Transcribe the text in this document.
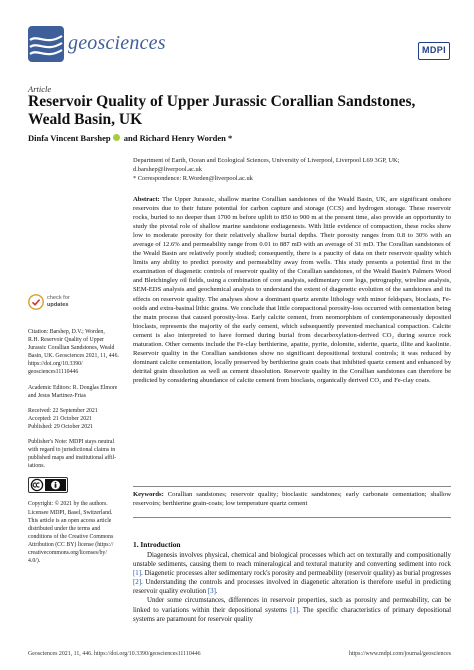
geosciences	MDPI
Article
Reservoir Quality of Upper Jurassic Corallian Sandstones, Weald Basin, UK
Dinfa Vincent Barshep and Richard Henry Worden *
Department of Earth, Ocean and Ecological Sciences, University of Liverpool, Liverpool L69 3GP, UK;
d.barshep@liverpool.ac.uk
* Correspondence: R.Worden@liverpool.ac.uk
Abstract: The Upper Jurassic, shallow marine Corallian sandstones of the Weald Basin, UK, are significant onshore reservoirs due to their future potential for carbon capture and storage (CCS) and hydrogen storage. These reservoir rocks, buried to no deeper than 1700 m before uplift to 850 to 900 m at the present time, also provide an opportunity to study the pivotal role of shallow marine sandstone eodiagenesis. With little evidence of compaction, these rocks show low to moderate porosity for their relatively shallow burial depths. Their porosity ranges from 0.8 to 30% with an average of 12.6% and permeability range from 0.01 to 887 mD with an average of 31 mD. The Corallian sandstones of the Weald Basin are relatively poorly studied; consequently, there is a paucity of data on their reservoir quality which limits any ability to predict porosity and permeability away from wells. This study presents a potential first in the examination of diagenetic controls of reservoir quality of the Corallian sandstones, of the Weald Basin's Palmers Wood and Bletchingley oil fields, using a combination of core analysis, sedimentary core logs, petrography, wireline analysis, SEM-EDS analysis and geochemical analysis to understand the extent of diagenetic evolution of the sandstones and its effects on reservoir quality. The analyses show a dominant quartz arenite lithology with minor feldspars, bioclasts, Fe-ooids and extra-basinal lithic grains. We conclude that little compactional porosity-loss occurred with cementation being the main process that caused porosity-loss. Early calcite cement, from neomorphism of contemporaneously deposited bioclasts, represents the majority of the early cement, which subsequently prevented mechanical compaction. Calcite cement is also interpreted to have formed during burial from decarboxylation-derived CO₂ during source rock maturation. Other cements include the Fe-clay berthierine, apatite, pyrite, dolomite, siderite, quartz, illite and kaolinite. Reservoir quality in the Corallian sandstones show no significant depositional textural controls; it was reduced by dominant calcite cementation, locally preserved by berthierine grain coats that inhibited quartz cement and enhanced by detrital grain dissolution as well as cement dissolution. Reservoir quality in the Corallian sandstones can therefore be predicted by considering abundance of calcite cement from bioclasts, organically derived CO₂ and Fe-clay coats.
Keywords: Corallian sandstones; reservoir quality; bioclastic sandstones; early carbonate cementation; shallow reservoirs; berthierine grain-coats; low temperature quartz cement
check for
updates
Citation: Barshep, D.V.; Worden,
R.H. Reservoir Quality of Upper
Jurassic Corallian Sandstones, Weald
Basin, UK. Geosciences 2021, 11, 446.
https://doi.org/10.3390/
geosciences11110446
Academic Editors: R. Douglas Elmore
and Jesus Martinez-Frias
Received: 22 September 2021
Accepted: 21 October 2021
Published: 29 October 2021
Publisher's Note: MDPI stays neutral
with regard to jurisdictional claims in
published maps and institutional affil-
iations.
Copyright: © 2021 by the authors.
Licensee MDPI, Basel, Switzerland.
This article is an open access article
distributed under the terms and
conditions of the Creative Commons
Attribution (CC BY) license (https://
creativecommons.org/licenses/by/
4.0/).
1. Introduction
Diagenesis involves physical, chemical and biological processes which act on texturally and compositionally unstable sediments, causing them to reach mineralogical and textural maturity and converting sediment into rock [1]. Diagenetic processes alter sedimentary rock's porosity and permeability (reservoir quality) as burial progresses [2]. Understanding the controls and processes involved in diagenetic alteration is therefore useful in predicting reservoir quality evolution [3].
Under some circumstances, differences in reservoir properties, such as porosity and permeability, can be linked to variations within their depositional systems [1]. The specific characteristics of primary depositional systems are paramount for reservoir quality
Geosciences 2021, 11, 446. https://doi.org/10.3390/geosciences11110446	https://www.mdpi.com/journal/geosciences
